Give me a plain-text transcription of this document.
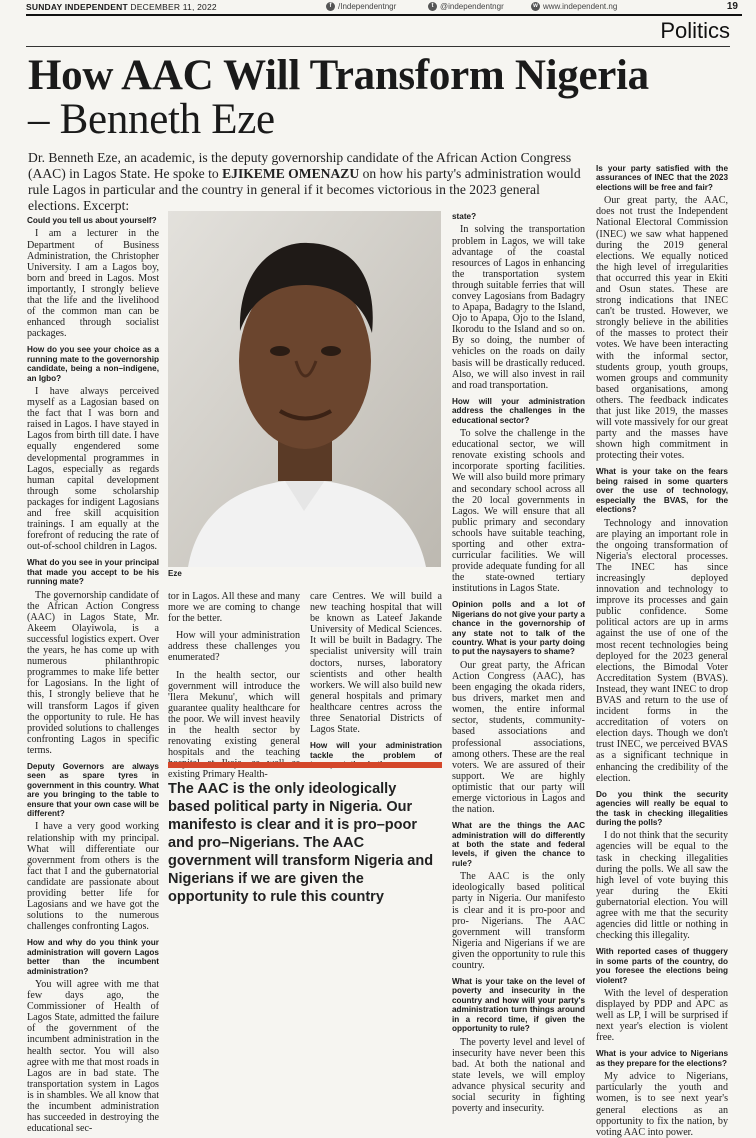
SUNDAY INDEPENDENT DECEMBER 11, 2022	f /Independentngr	t @independentngr	w www.independent.ng	19
Politics
How AAC Will Transform Nigeria
– Benneth Eze
Dr. Benneth Eze, an academic, is the deputy governorship candidate of the African Action Congress (AAC) in Lagos State. He spoke to EJIKEME OMENAZU on how his party's administration would rule Lagos in particular and the country in general if it becomes victorious in the 2023 general elections. Excerpt:
Could you tell us about yourself?

I am a lecturer in the Department of Business Administration, the Christopher University. I am a Lagos boy, born and breed in Lagos. Most importantly, I strongly believe that the life and the livelihood of the common man can be enhanced through socialist packages.

How do you see your choice as a running mate to the governorship candidate, being a non–indigene, an Igbo?

I have always perceived myself as a Lagosian based on the fact that I was born and raised in Lagos. I have stayed in Lagos from birth till date. I have equally engendered some developmental programmes in Lagos, especially as regards human capital development through some scholarship packages for indigent Lagosians and free skill acquisition trainings. I am equally at the forefront of reducing the rate of out-of-school children in Lagos.

What do you see in your principal that made you accept to be his running mate?

The governorship candidate of the African Action Congress (AAC) in Lagos State, Mr. Akeem Olayiwola, is a successful logistics expert. Over the years, he has come up with numerous philanthropic programmes to make life better for Lagosians. In the light of this, I strongly believe that he will transform Lagos if given the opportunity to rule. He has provided solutions to challenges confronting Lagos in specific terms.

Deputy Governors are always seen as spare tyres in government in this country. What are you bringing to the table to ensure that your own case will be different?

I have a very good working relationship with my principal. What will differentiate our government from others is the fact that I and the gubernatorial candidate are passionate about providing better life for Lagosians and we have got the solutions to the numerous challenges confronting Lagos.

How and why do you think your administration will govern Lagos better than the incumbent administration?

You will agree with me that few days ago, the Commissioner of Health of Lagos State, admitted the failure of the government of the incumbent administration in the health sector. You will also agree with me that most roads in Lagos are in bad state. The transportation system in Lagos is in shambles. We all know that the incumbent administration has succeeded in destroying the educational sec-

Eze

tor in Lagos. All these and many more we are coming to change for the better.

How will your administration address these challenges you enumerated?

In the health sector, our government will introduce the 'Ilera Mekunu', which will guarantee quality healthcare for the poor. We will invest heavily in the health sector by renovating existing general hospitals and the teaching existing Primary Health-

care Centres. We will build a new teaching hospital that will be known as Lateef Jakande University of Medical Sciences. It will be built in Badagry. The specialist university will train doctors, nurses, laboratory scientists and other health workers. We will also build new general hospitals and primary healthcare centres across the three Senatorial Districts of Lagos State.

How will your administration tackle the problem of
The AAC is the only ideologically based political party in Nigeria. Our manifesto is clear and it is pro–poor and pro–Nigerians. The AAC government will transform Nigeria and Nigerians if we are given the opportunity to rule this country
state?

In solving the transportation problem in Lagos, we will take advantage of the coastal resources of Lagos in enhancing the transportation system through suitable ferries that will convey Lagosians from Badagry to Apapa, Badagry to the Island, Ojo to Apapa, Ojo to the Island, Ikorodu to the Island and so on. By so doing, the number of vehicles on the roads on daily basis will be drastically reduced. Also, we will also invest in rail and road transportation.

How will your administration address the challenges in the educational sector?

To solve the challenge in the educational sector, we will renovate existing schools and incorporate sporting facilities. We will also build more primary and secondary school across all the 20 local governments in Lagos. We will ensure that all public primary and secondary schools have suitable teaching, sporting and other extra-curricular facilities. We will provide adequate funding for all the state-owned tertiary institutions in Lagos State.

Opinion polls and a lot of Nigerians do not give your party a chance in the governorship of any state not to talk of the country. What is your party doing to put the naysayers to shame?

Our great party, the African Action Congress (AAC), has been engaging the okada riders, bus drivers, market men and women, the entire informal sector, students, community-based associations and professional associations, among others. These are the real voters. We are assured of their support. We are highly optimistic that our party will emerge victorious in Lagos and the nation.

What are the things the AAC administration will do differently at both the state and federal levels, if given the chance to rule?

The AAC is the only ideologically based political party in Nigeria. Our manifesto is clear and it is pro-poor and pro- Nigerians. The AAC government will transform Nigeria and Nigerians if we are given the opportunity to rule this country.

What is your take on the level of poverty and insecurity in the country and how will your party's administration turn things around in a record time, if given the opportunity to rule?

The poverty level and level of insecurity have never been this bad. At both the national and state levels, we will employ advance physical security and social security in fighting poverty and insecurity.

Is your party satisfied with the assurances of INEC that the 2023 elections will be free and fair?

Our great party, the AAC, does not trust the Independent National Electoral Commission (INEC) we saw what happened during the 2019 general elections. We equally noticed the high level of irregularities that occurred this year in Ekiti and Osun states. These are strong indications that INEC can't be trusted. However, we strongly believe in the abilities of the masses to protect their votes. We have been interacting with the informal sector, students group, youth groups, women groups and community based organisations, among others. The feedback indicates that just like 2019, the masses will vote massively for our great party and the masses have shown high commitment in protecting their votes.

What is your take on the fears being raised in some quarters over the use of technology, especially the BVAS, for the elections?

Technology and innovation are playing an important role in the ongoing transformation of Nigeria's electoral processes. The INEC has since increasingly deployed innovation and technology to improve its processes and gain public confidence. Some political actors are up in arms against the use of one of the most recent technologies being deployed for the 2023 general elections, the Bimodal Voter Accreditation System (BVAS). Instead, they want INEC to drop BVAS and return to the use of incident forms in the accreditation of voters on election days. Though we don't trust INEC, we perceived BVAS as a significant technique in enhancing the credibility of the election.

Do you think the security agencies will really be equal to the task in checking illegalities during the polls?

I do not think that the security agencies will be equal to the task in checking illegalities during the polls. We all saw the high level of vote buying this year during the Ekiti gubernatorial election. You will agree with me that the security agencies did little or nothing in checking this illegality.

With reported cases of thuggery in some parts of the country, do you foresee the elections being violent?

With the level of desperation displayed by PDP and APC as well as LP, I will be surprised if next year's election is violent free.

What is your advice to Nigerians as they prepare for the elections?

My advice to Nigerians, particularly the youth and women, is to see next year's general elections as an opportunity to fix the nation, by voting AAC into power.
